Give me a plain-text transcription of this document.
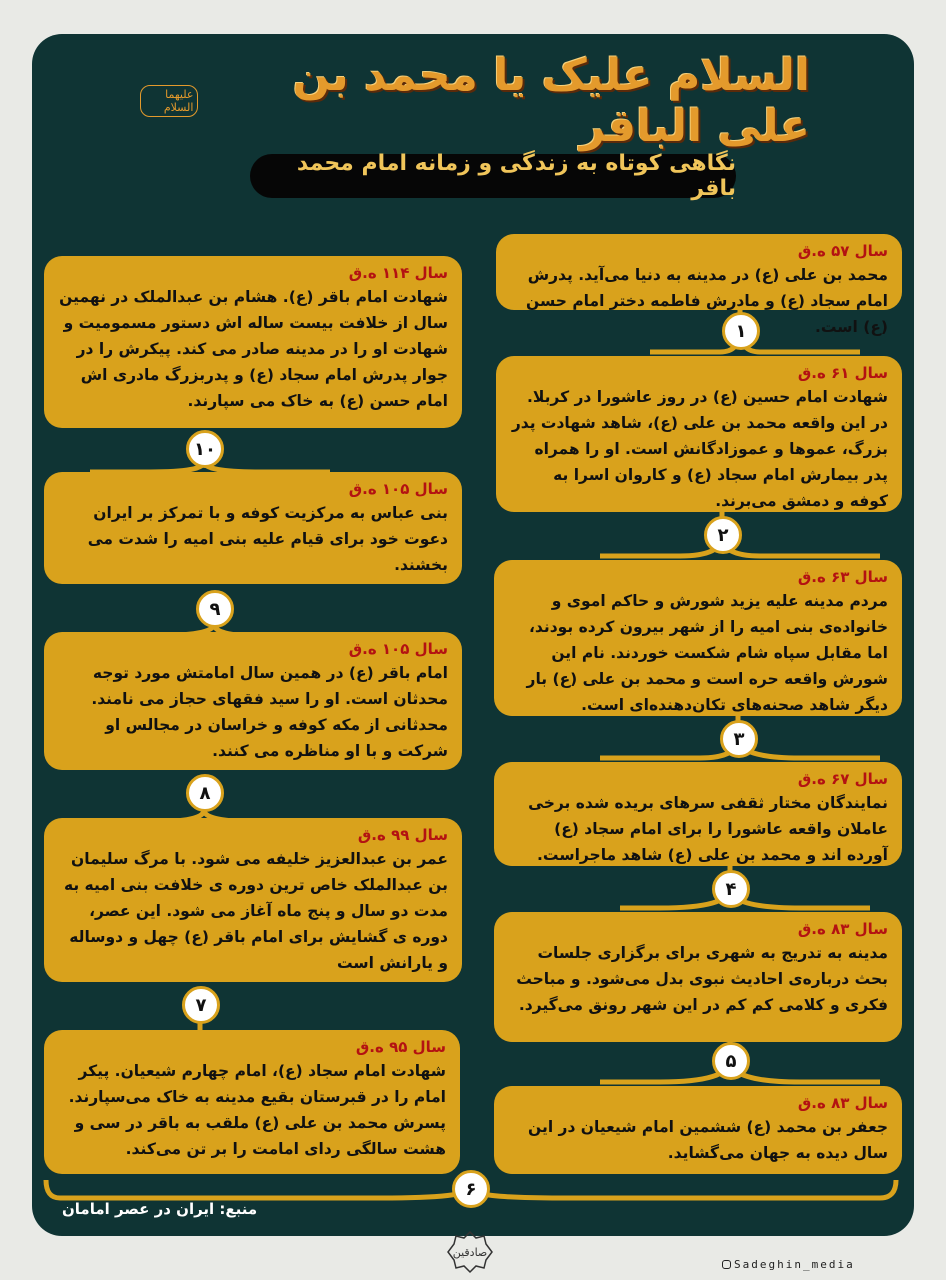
السلام علیک یا محمد بن علی الباقر
علیهما السلام
نگاهی کوتاه به زندگی و زمانه امام محمد باقر
سال ۵۷ ه.ق
محمد بن علی (ع) در مدینه به دنیا می‌آید. پدرش امام سجاد (ع) و مادرش فاطمه دختر امام حسن (ع) است.
۱
سال ۶۱ ه.ق
شهادت امام حسین (ع) در روز عاشورا در کربلا. در این واقعه محمد بن علی (ع)، شاهد شهادت پدر بزرگ، عموها و عموزادگانش است. او را همراه پدر بیمارش امام سجاد (ع) و کاروان اسرا به کوفه و دمشق می‌برند.
۲
سال ۶۳ ه.ق
مردم مدینه علیه یزید شورش و حاکم اموی و خانواده‌ی بنی امیه را از شهر بیرون کرده بودند، اما مقابل سپاه شام شکست خوردند. نام این شورش واقعه حره است و محمد بن علی (ع) بار دیگر شاهد صحنه‌های تکان‌دهنده‌ای است.
۳
سال ۶۷ ه.ق
نمایندگان مختار ثقفی سرهای بریده شده برخی عاملان واقعه عاشورا را برای امام سجاد (ع) آورده اند و محمد بن علی (ع) شاهد ماجراست.
۴
سال ۸۳ ه.ق
مدینه به تدریج به شهری برای برگزاری جلسات بحث درباره‌ی احادیث نبوی بدل می‌شود. و مباحث فکری و کلامی کم کم در این شهر رونق می‌گیرد.
۵
سال ۸۳ ه.ق
جعفر بن محمد (ع) ششمین امام شیعیان در این سال دیده به جهان می‌گشاید.
۶
سال ۹۵ ه.ق
شهادت امام سجاد (ع)، امام چهارم شیعیان. پیکر امام را در قبرستان بقیع مدینه به خاک می‌سپارند. پسرش محمد بن علی (ع) ملقب به باقر در سی و هشت سالگی ردای امامت را بر تن می‌کند.
۷
سال ۹۹ ه.ق
عمر بن عبدالعزیز خلیفه می شود. با مرگ سلیمان بن عبدالملک خاص ترین دوره ی خلافت بنی امیه به مدت دو سال و پنج ماه آغاز می شود. این عصر، دوره ی گشایش برای امام باقر (ع) چهل و دوساله و یارانش است
۸
سال ۱۰۵ ه.ق
امام باقر (ع) در همین سال امامتش مورد توجه محدثان است. او را سید فقهای حجاز می نامند. محدثانی از مکه کوفه و خراسان در مجالس او شرکت و با او مناظره می کنند.
۹
سال ۱۰۵ ه.ق
بنی عباس به مرکزیت کوفه و با تمرکز بر ایران دعوت خود برای قیام علیه بنی امیه را شدت می بخشند.
۱۰
سال ۱۱۴ ه.ق
شهادت امام باقر (ع). هشام بن عبدالملک در نهمین سال از خلافت بیست ساله اش دستور مسمومیت و شهادت او را در مدینه صادر می کند. پیکرش را در جوار پدرش امام سجاد (ع) و پدربزرگ مادری اش امام حسن (ع) به خاک می سپارند.
منبع: ایران در عصر امامان
صادقین
Sadeghin_media
